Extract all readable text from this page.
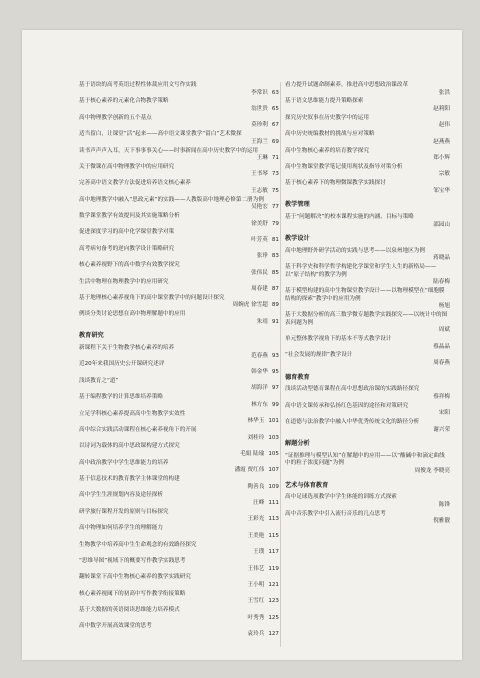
基于语块的高考英语过程性体裁应用文写作实践
李常识 63
基于核心素养的元素化合物教学策略
翁世贵 65
高中物理教学创新的五个基点
莫珍利 67
适当留白，让课堂“活”起来——高中语文课堂教学“留白”艺术微探
王海兰 69
读书声声声入耳，天下事事事关心——时事新闻在高中历史教学中的运用
王琳 71
关于微课在高中物理教学中的应用研究
王书琴 73
完善高中语文教学方法促进培养语文核心素养
王志敏 75
高中地理教学中融入“思政元素”的实践——人教版高中地理必修第二册为例
吴艳宏 77
数学课堂教学有效提问及其实施策略分析
徐美舒 79
促进深度学习的高中化学课堂教学对策
叶芳英 81
高考病句备考的逆向教学设计策略研究
张琤 83
核心素养视野下的高中数学有效教学探究
张伟民 85
生活中物理在物理教学中的应用研究
周春建 87
基于地理核心素养视角下的高中课堂教学中的问题设计探究
周婉虎 徐雪超 89
例谈分类讨论思想在高中物理解题中的应用
朱靖 91
教育研究
新课程下关于生物教学核心素养的培养
范春燕 93
近20年来我国历史公开课研究述评
韩金华 95
浅谈教育之“道”
胡海洋 97
基于编程教学的计算思维培养策略
林方东 99
立足学科核心素养提高高中生物教学实效性
林华玉 101
高中综合实践活动课程在核心素养视角下的开展
刘桂玲 103
以诗词为载体的高中思政课构建方式探究
毛娟 陆瑜 105
高中政治教学中学生思维能力的培养
潘霞 贾红伟 107
基于信息技术的教育教学主体课堂的构建
陶善良 109
高中学生生涯规划内容及途径探析
汪峰 111
研学旅行课程开发的原则与目标探究
王彩光 113
高中物理如何培养学生的理解能力
王美艳 115
生物教学中培养高中生生命观念的有效路径探究
王璞 117
“思维导图”视域下的概要写作教学实践思考
王伟艺 119
翻转课堂下高中生物核心素养的教学实践研究
王小明 121
核心素养视阈下的初高中写作教学衔接策略
王雪红 123
基于大数据的英语阅读思维能力培养模式
叶秀秀 125
高中数学开展高效课堂的思考
袁玲兵 127
看力提升试题命制素养，推进高中思想政治课改革
张洪
基于语文思维能力提升策略探索
赵莉阳
探究历史叙事在历史教学中的运用
赵伟
高中历史统编教材的挑战与应对策略
赵燕燕
高中生物核心素养的培育教学探究
郑小辉
高中生物课堂教学笔记使用现状及指导对策分析
宗敏
基于核心素养下的物理微课教学实践探讨
邹宝华
教学管理
基于“问题解决”的校本课程实施的内涵、目标与策略
邵园山
教学设计
高中地理野外研学活动的实践与思考——以泉州地区为例
蒋晓晶
基于科学史和科学哲学构建化学课堂和学生人生的新格局——以“原子结构”的教学为例
陆春梅
基于模型构建的高中生物课堂教学设计——以物理模型在“细胞膜结构的探索”教学中的应用为例
杨旭
基于大数据分析的高三数学微专题教学实践探究——以统计中的图表问题为例
周斌
单元整体教学视角下的基本不等式教学设计
蔡晶晶
“社会发展的规律”教学设计
周春燕
德育教育
浅谈活动型德育课程在高中思想政治课的实践路径探究
蔡祥梅
高中语文课传承和弘扬红色基因的途径和对策研究
宋阳
在道德与法治教学中融入中华优秀传统文化的路径分析
谢兴荣
解题分析
“证据推理与模型认知”在解题中的应用——以“酸碱中和滴定曲线中的粒子浓度问题”为例
周俊龙 李晓亮
艺术与体育教育
高中足球选项教学中学生体能的训练方式探索
陈锋
高中音乐教学中引入流行音乐的几点思考
倪雅靓
